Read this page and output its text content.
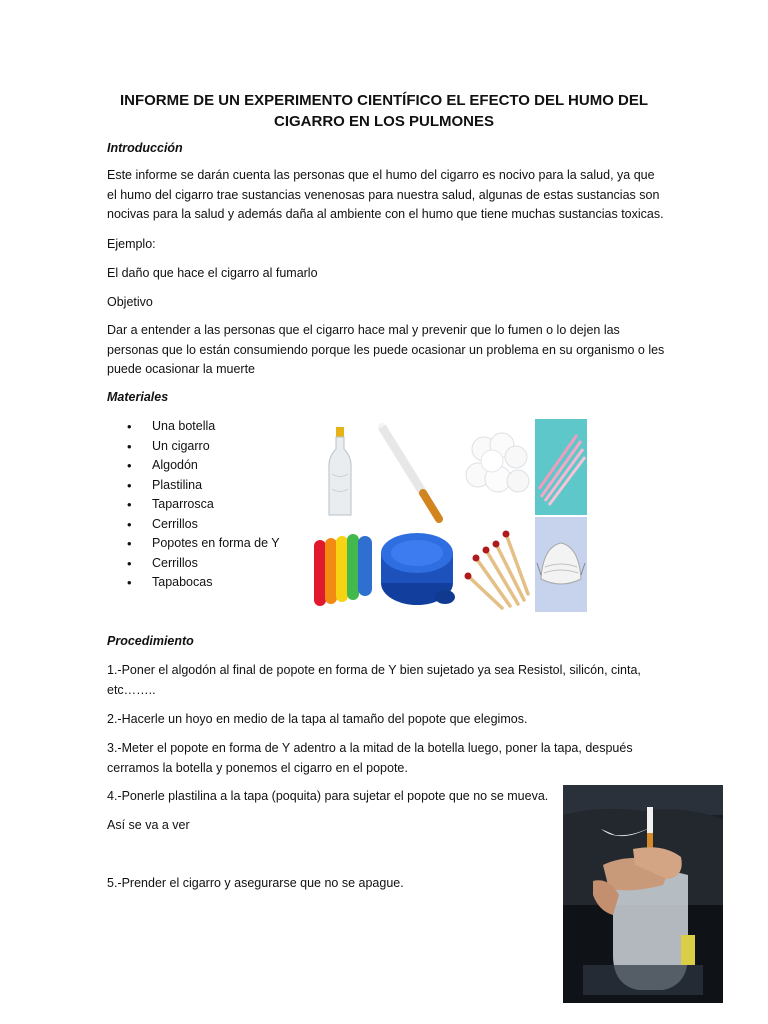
INFORME DE UN EXPERIMENTO CIENTÍFICO EL EFECTO DEL HUMO DEL CIGARRO EN LOS PULMONES
Introducción
Este informe se darán cuenta las personas que el humo del cigarro es nocivo para la salud, ya que el humo del cigarro trae sustancias venenosas para nuestra salud, algunas de estas sustancias son nocivas para la salud y además daña al ambiente con el humo que tiene muchas sustancias toxicas.
Ejemplo:
El daño que hace el cigarro al fumarlo
Objetivo
Dar a entender a las personas que el cigarro hace mal y prevenir que lo fumen o lo dejen las personas que lo están consumiendo porque les puede ocasionar un problema en su organismo o les puede ocasionar la muerte
Materiales
• Una botella
• Un cigarro
• Algodón
• Plastilina
• Taparrosca
• Cerrillos
• Popotes en forma de Y
• Cerrillos
• Tapabocas
Procedimiento
1.-Poner el algodón al final de popote en forma de Y bien sujetado ya sea Resistol, silicón, cinta, etc……..
2.-Hacerle un hoyo en medio de la tapa al tamaño del popote que elegimos.
3.-Meter el popote en forma de Y adentro a la mitad de la botella luego, poner la tapa, después cerramos la botella y ponemos el cigarro en el popote.
4.-Ponerle plastilina a la tapa (poquita) para sujetar el popote que no se mueva.
Así se va a ver
5.-Prender el cigarro y asegurarse que no se apague.
